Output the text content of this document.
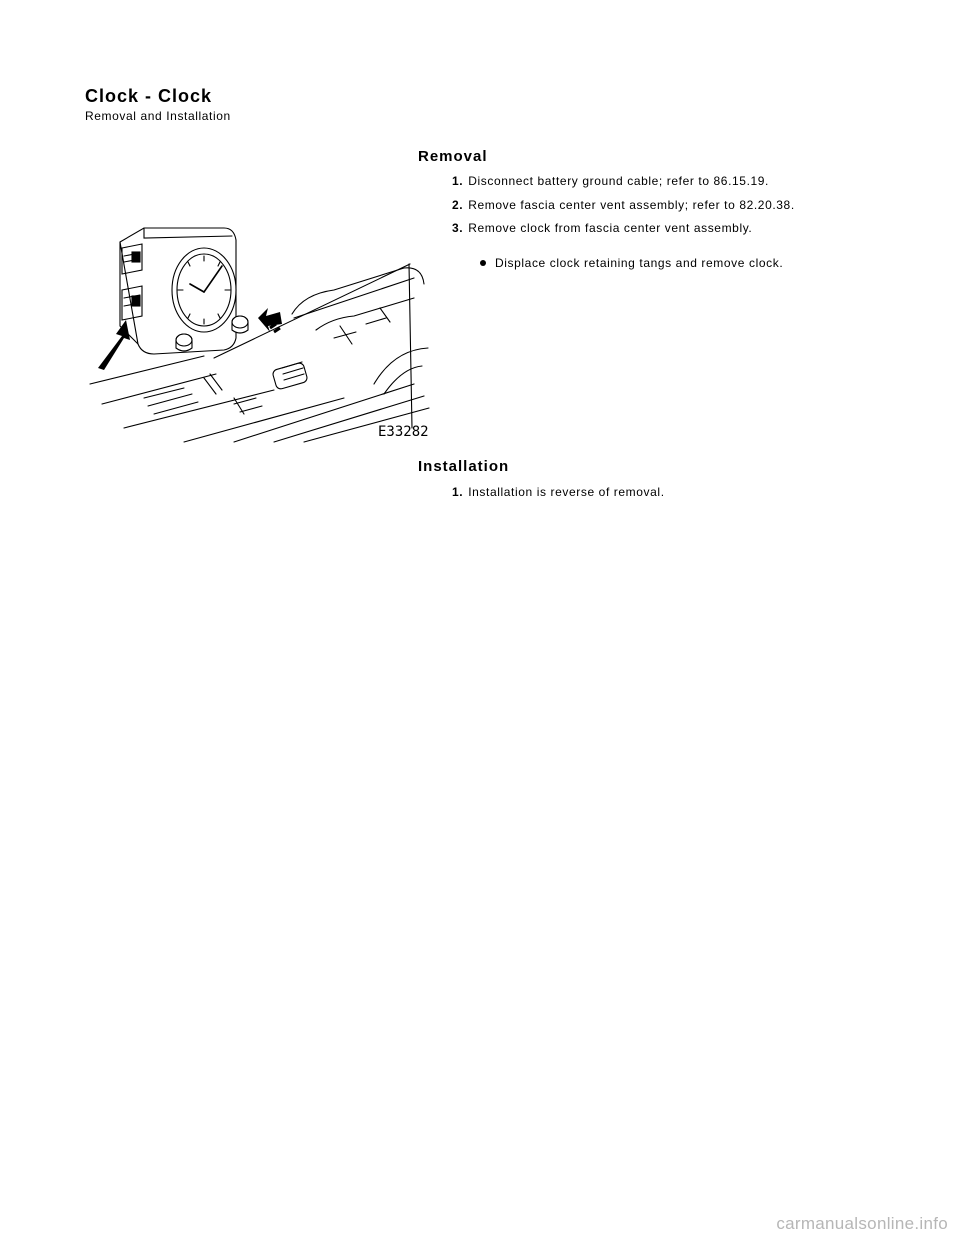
Clock - Clock
Removal and Installation
Removal
1. Disconnect battery ground cable; refer to 86.15.19.
2. Remove fascia center vent assembly; refer to 82.20.38.
3. Remove clock from fascia center vent assembly.
Displace clock retaining tangs and remove clock.
E33282
Installation
1. Installation is reverse of removal.
carmanualsonline.info
